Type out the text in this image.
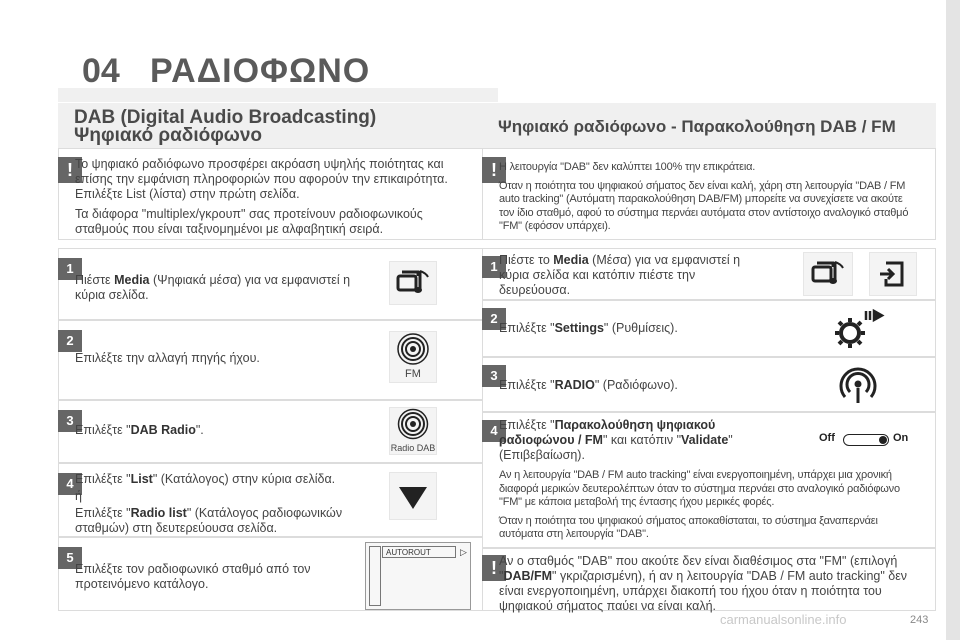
04 ΡΑΔΙΟΦΩΝΟ
DAB (Digital Audio Broadcasting)
Ψηφιακό ραδιόφωνο
! Το ψηφιακό ραδιόφωνο προσφέρει ακρόαση υψηλής ποιότητας και επίσης την εμφάνιση πληροφοριών που αφορούν την επικαιρότητα. Επιλέξτε List (λίστα) στην πρώτη σελίδα.

Τα διάφορα "multiplex/γκρουπ" σας προτείνουν ραδιοφωνικούς σταθμούς που είναι ταξινομημένοι με αλφαβητική σειρά.

1
Πιέστε Media (Ψηφιακά μέσα) για να εμφανιστεί η κύρια σελίδα.
2
Επιλέξτε την αλλαγή πηγής ήχου.
FM
3
Επιλέξτε "DAB Radio".
Radio DAB
4 Επιλέξτε "List" (Κατάλογος) στην κύρια σελίδα.
ή
Επιλέξτε "Radio list" (Κατάλογος ραδιοφωνικών σταθμών) στη δευτερεύουσα σελίδα.
5
Επιλέξτε τον ραδιοφωνικό σταθμό από τον προτεινόμενο κατάλογο.
AUTOROUT	▷
Ψηφιακό ραδιόφωνο - Παρακολούθηση DAB / FM
! Η λειτουργία "DAB" δεν καλύπτει 100% την επικράτεια.

Όταν η ποιότητα του ψηφιακού σήματος δεν είναι καλή, χάρη στη λειτουργία "DAB / FM auto tracking" (Αυτόματη παρακολούθηση DAB/FM) μπορείτε να συνεχίσετε να ακούτε τον ίδιο σταθμό, αφού το σύστημα περνάει αυτόματα στον αντίστοιχο αναλογικό σταθμό "FM" (εφόσον υπάρχει).

1 Πιέστε το Media (Μέσα) για να εμφανιστεί η κύρια σελίδα και κατόπιν πιέστε την δευρεύουσα.
2
Επιλέξτε "Settings" (Ρυθμίσεις).
3
Επιλέξτε "RADIO" (Ραδιόφωνο).
4 Επιλέξτε "Παρακολούθηση ψηφιακού ραδιοφώνου / FM" και κατόπιν "Validate" (Επιβεβαίωση).
Off	On

Αν η λειτουργία "DAB / FM auto tracking" είναι ενεργοποιημένη, υπάρχει μια χρονική διαφορά μερικών δευτερολέπτων όταν το σύστημα περνάει στο αναλογικό ραδιόφωνο "FM" με κάποια μεταβολή της έντασης ήχου μερικές φορές.

Όταν η ποιότητα του ψηφιακού σήματος αποκαθίσταται, το σύστημα ξαναπερνάει αυτόματα στη λειτουργία "DAB".

! Αν ο σταθμός "DAB" που ακούτε δεν είναι διαθέσιμος στα "FM" (επιλογή "DAB/FM" γκριζαρισμένη), ή αν η λειτουργία "DAB / FM auto tracking" δεν είναι ενεργοποιημένη, υπάρχει διακοπή του ήχου όταν η ποιότητα του ψηφιακού σήματος παύει να είναι καλή.
carmanualsonline.info	243
